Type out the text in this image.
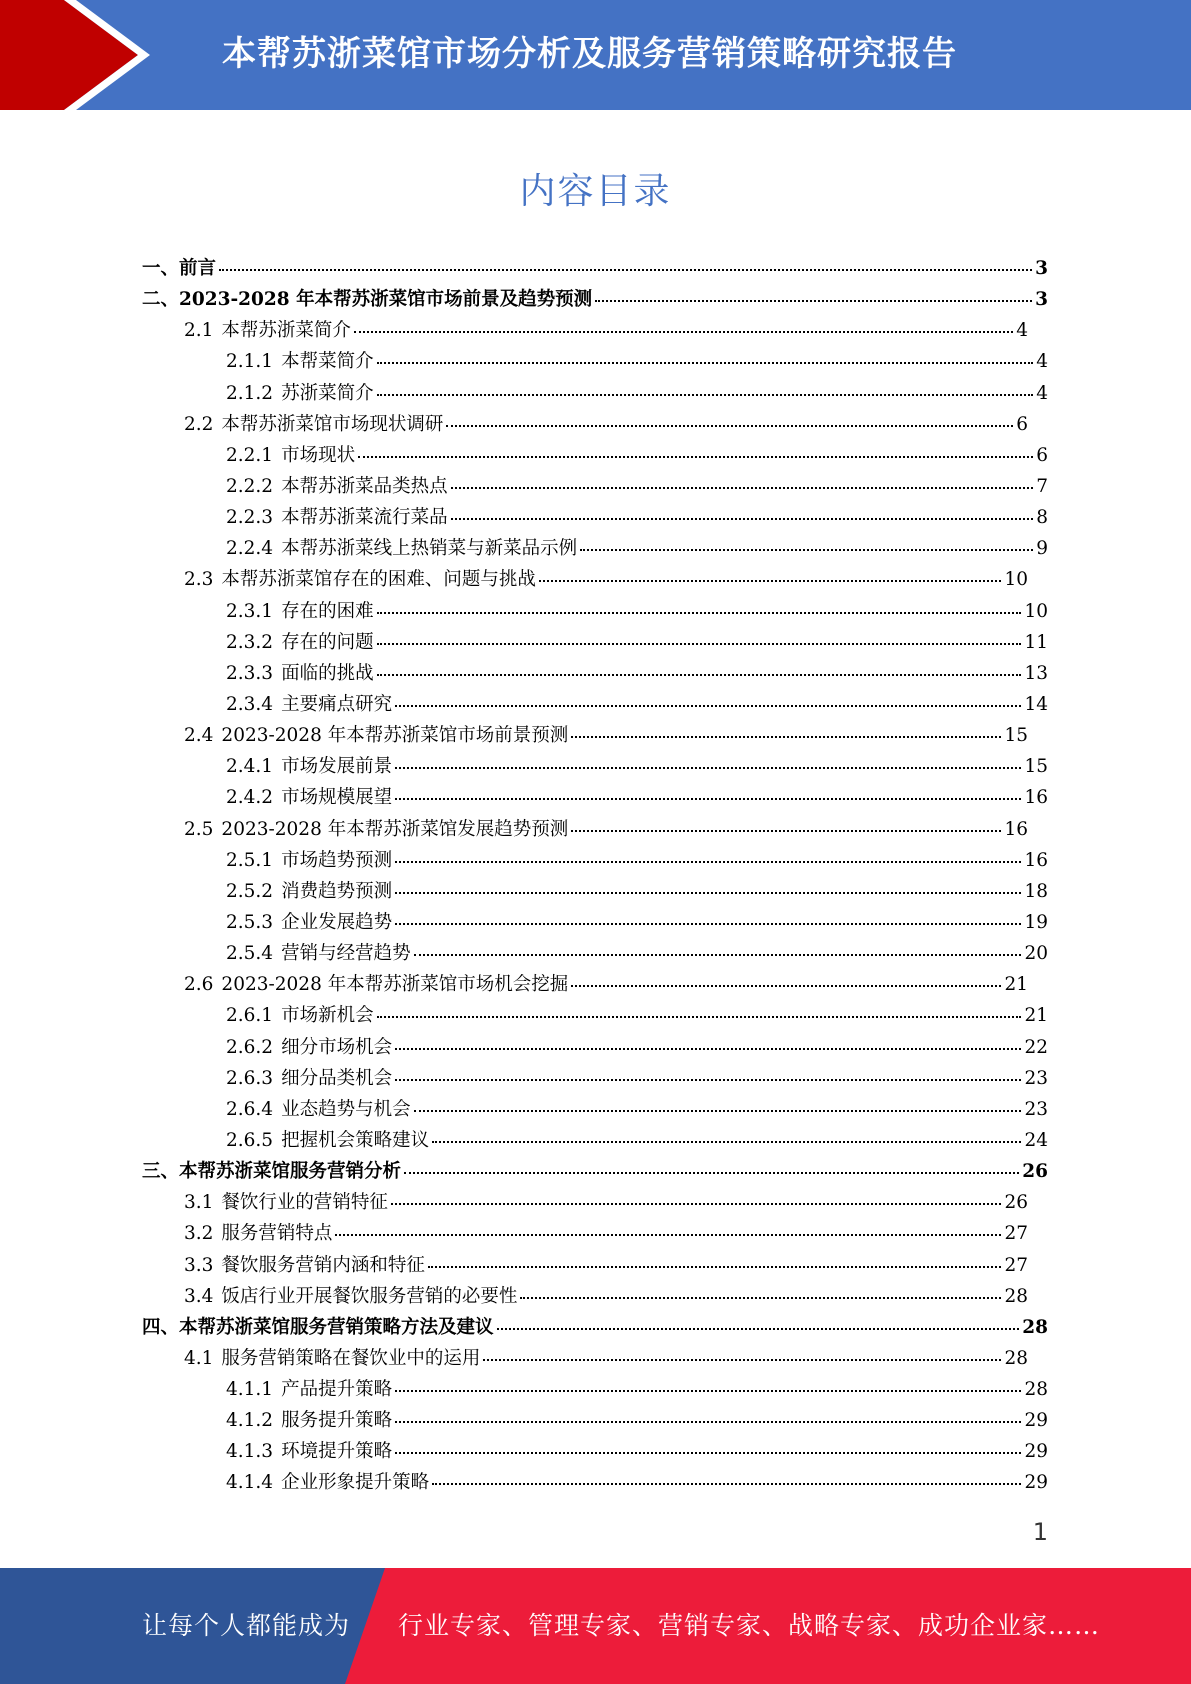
本帮苏浙菜馆市场分析及服务营销策略研究报告
内容目录
一、 前言	3
二、 2023-2028 年本帮苏浙菜馆市场前景及趋势预测	3
2.1 本帮苏浙菜简介	4
2.1.1 本帮菜简介	4
2.1.2 苏浙菜简介	4
2.2 本帮苏浙菜馆市场现状调研	6
2.2.1 市场现状	6
2.2.2 本帮苏浙菜品类热点	7
2.2.3 本帮苏浙菜流行菜品	8
2.2.4 本帮苏浙菜线上热销菜与新菜品示例	9
2.3 本帮苏浙菜馆存在的困难、问题与挑战	10
2.3.1 存在的困难	10
2.3.2 存在的问题	11
2.3.3 面临的挑战	13
2.3.4 主要痛点研究	14
2.4 2023-2028 年本帮苏浙菜馆市场前景预测	15
2.4.1 市场发展前景	15
2.4.2 市场规模展望	16
2.5 2023-2028 年本帮苏浙菜馆发展趋势预测	16
2.5.1 市场趋势预测	16
2.5.2 消费趋势预测	18
2.5.3 企业发展趋势	19
2.5.4 营销与经营趋势	20
2.6 2023-2028 年本帮苏浙菜馆市场机会挖掘	21
2.6.1 市场新机会	21
2.6.2 细分市场机会	22
2.6.3 细分品类机会	23
2.6.4 业态趋势与机会	23
2.6.5 把握机会策略建议	24
三、 本帮苏浙菜馆服务营销分析	26
3.1 餐饮行业的营销特征	26
3.2 服务营销特点	27
3.3 餐饮服务营销内涵和特征	27
3.4 饭店行业开展餐饮服务营销的必要性	28
四、 本帮苏浙菜馆服务营销策略方法及建议	28
4.1 服务营销策略在餐饮业中的运用	28
4.1.1 产品提升策略	28
4.1.2 服务提升策略	29
4.1.3 环境提升策略	29
4.1.4 企业形象提升策略	29
1
让每个人都能成为 行业专家、管理专家、营销专家、战略专家、成功企业家……
